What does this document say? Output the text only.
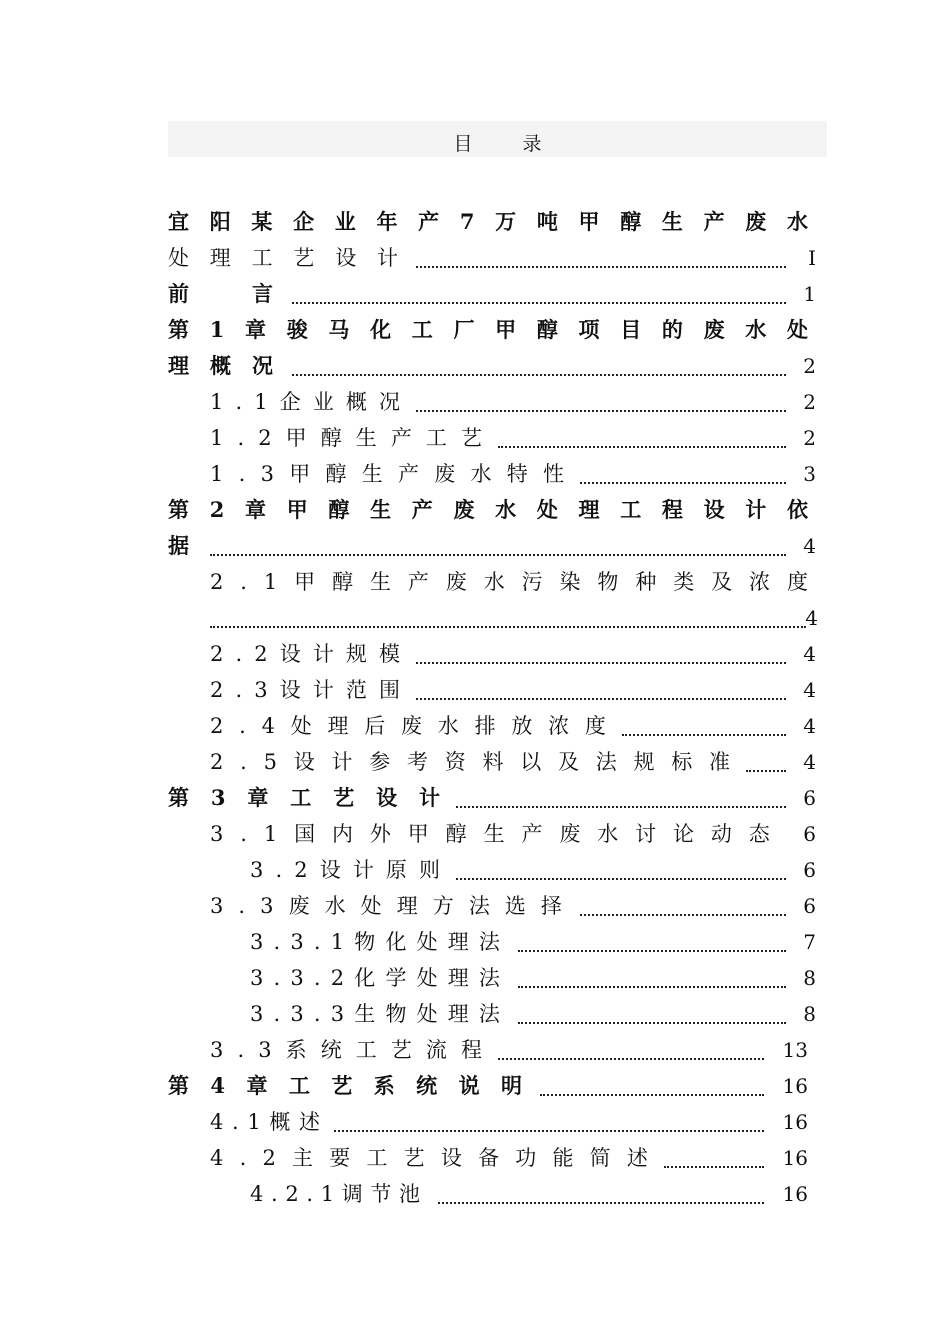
目 录
宜 阳 某 企 业 年 产 7 万 吨 甲 醇 生 产 废 水
处 理 工 艺 设 计	I
前	言	1
第 1 章 骏 马 化 工 厂 甲 醇 项 目 的 废 水 处
理 概 况	2
1 . 1 企 业 概 况	2
1 . 2 甲 醇 生 产 工 艺	2
1 . 3 甲 醇 生 产 废 水 特 性	3
第 2 章 甲 醇 生 产 废 水 处 理 工 程 设 计 依
据	4
2 . 1 甲 醇 生 产 废 水 污 染 物 种 类 及 浓 度
4
2 . 2 设 计 规 模	4
2 . 3 设 计 范 围	4
2 . 4 处 理 后 废 水 排 放 浓 度	4
2 . 5 设 计 参 考 资 料 以 及 法 规 标 准	4
第 3 章 工 艺 设 计	6
3 . 1 国 内 外 甲 醇 生 产 废 水 讨 论 动 态	6
3 . 2 设 计 原 则	6
3 . 3 废 水 处 理 方 法 选 择	6
3 . 3 . 1 物 化 处 理 法	7
3 . 3 . 2 化 学 处 理 法	8
3 . 3 . 3 生 物 处 理 法	8
3 . 3 系 统 工 艺 流 程	13
第 4 章 工 艺 系 统 说 明	16
4 . 1 概 述	16
4 . 2 主 要 工 艺 设 备 功 能 简 述	16
4 . 2 . 1 调 节 池	16
